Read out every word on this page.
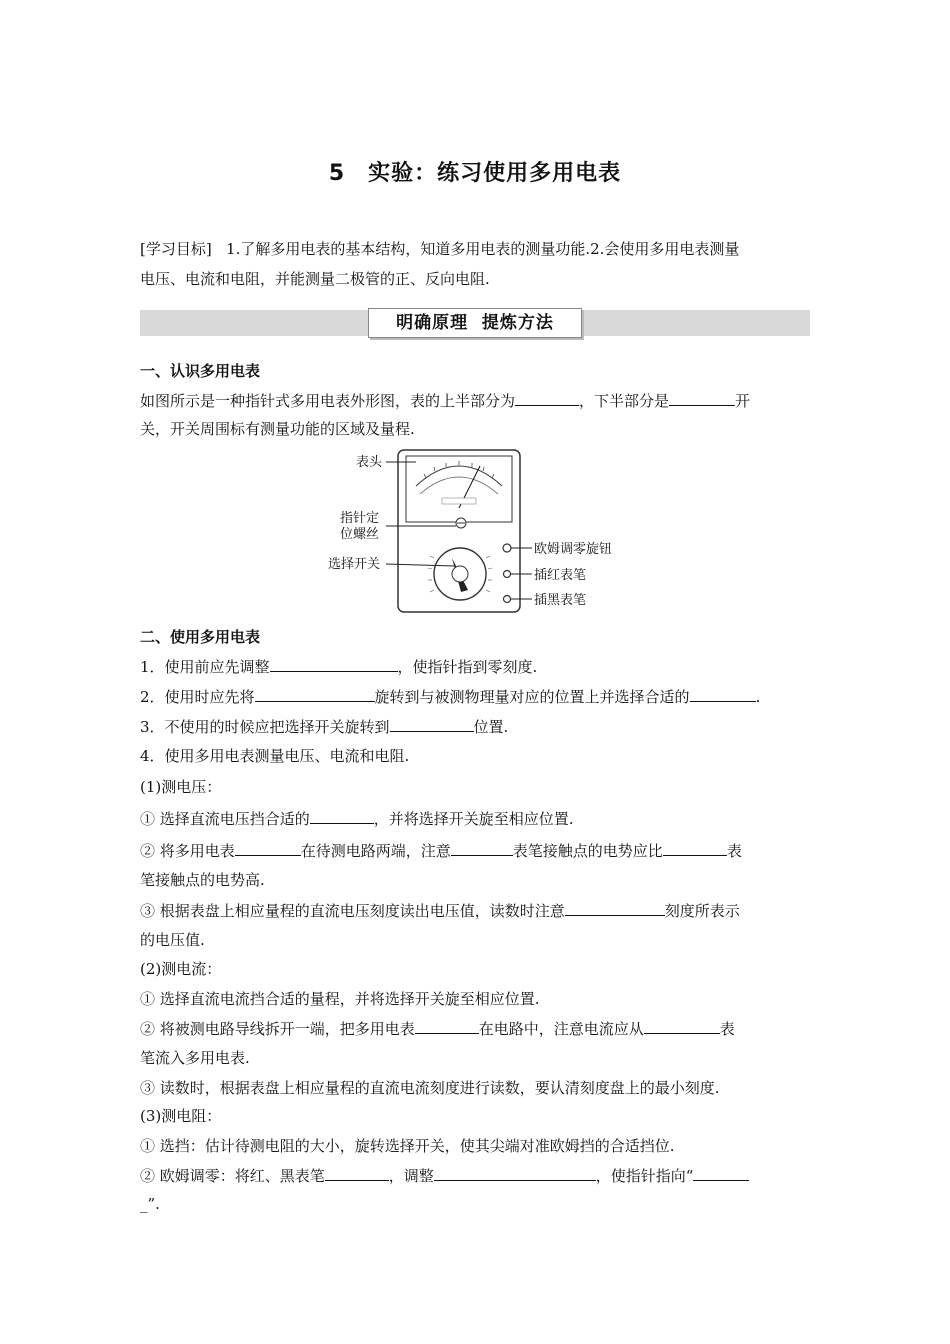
5　实验：练习使用多用电表
[学习目标] 1.了解多用电表的基本结构，知道多用电表的测量功能.2.会使用多用电表测量
电压、电流和电阻，并能测量二极管的正、反向电阻.
明确原理 提炼方法
一、认识多用电表
如图所示是一种指针式多用电表外形图，表的上半部分为	，下半部分是	开
关，开关周围标有测量功能的区域及量程.
表头
指针定
位螺丝
选择开关
欧姆调零旋钮
插红表笔
插黑表笔
二、使用多用电表
1．使用前应先调整	，使指针指到零刻度.
2．使用时应先将	旋转到与被测物理量对应的位置上并选择合适的	.
3．不使用的时候应把选择开关旋转到	位置.
4．使用多用电表测量电压、电流和电阻.
(1)测电压：
① 选择直流电压挡合适的	，并将选择开关旋至相应位置.
② 将多用电表	在待测电路两端，注意	表笔接触点的电势应比	表
笔接触点的电势高.
③ 根据表盘上相应量程的直流电压刻度读出电压值，读数时注意	刻度所表示
的电压值.
(2)测电流：
① 选择直流电流挡合适的量程，并将选择开关旋至相应位置.
② 将被测电路导线拆开一端，把多用电表	在电路中，注意电流应从	表
笔流入多用电表.
③ 读数时，根据表盘上相应量程的直流电流刻度进行读数，要认清刻度盘上的最小刻度.
(3)测电阻：
① 选挡：估计待测电阻的大小，旋转选择开关，使其尖端对准欧姆挡的合适挡位.
② 欧姆调零：将红、黑表笔	，调整	，使指针指向“
_”.
